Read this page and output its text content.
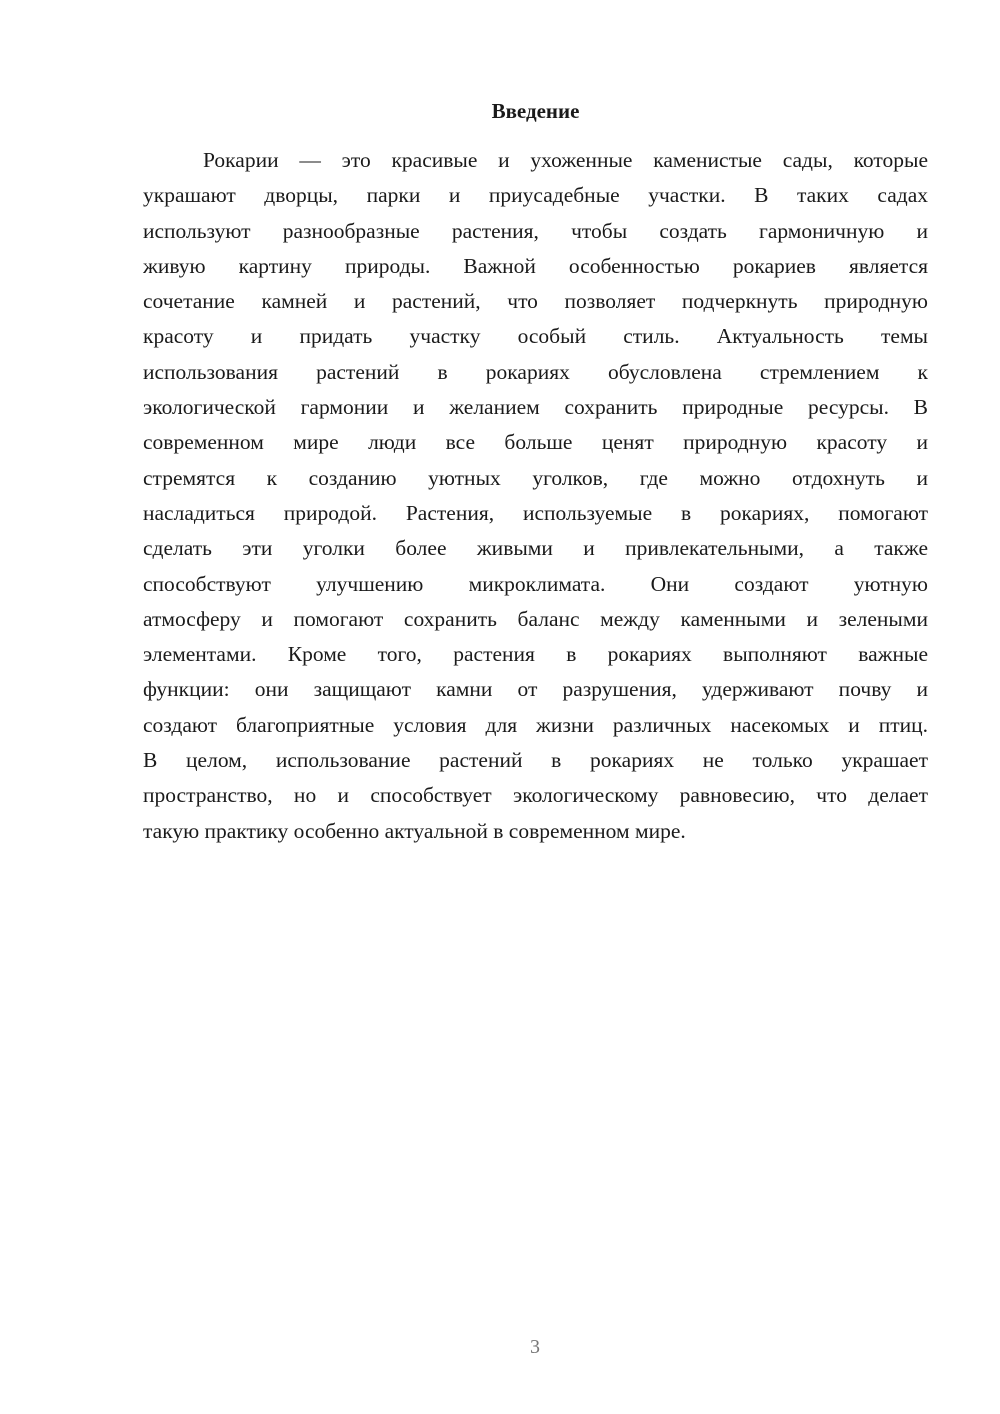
Введение
Рокарии — это красивые и ухоженные каменистые сады, которые
украшают дворцы, парки и приусадебные участки. В таких садах
используют разнообразные растения, чтобы создать гармоничную и
живую картину природы. Важной особенностью рокариев является
сочетание камней и растений, что позволяет подчеркнуть природную
красоту и придать участку особый стиль. Актуальность темы
использования растений в рокариях обусловлена стремлением к
экологической гармонии и желанием сохранить природные ресурсы. В
современном мире люди все больше ценят природную красоту и
стремятся к созданию уютных уголков, где можно отдохнуть и
насладиться природой. Растения, используемые в рокариях, помогают
сделать эти уголки более живыми и привлекательными, а также
способствуют улучшению микроклимата. Они создают уютную
атмосферу и помогают сохранить баланс между каменными и зелеными
элементами. Кроме того, растения в рокариях выполняют важные
функции: они защищают камни от разрушения, удерживают почву и
создают благоприятные условия для жизни различных насекомых и птиц.
В целом, использование растений в рокариях не только украшает
пространство, но и способствует экологическому равновесию, что делает
такую практику особенно актуальной в современном мире.
3
